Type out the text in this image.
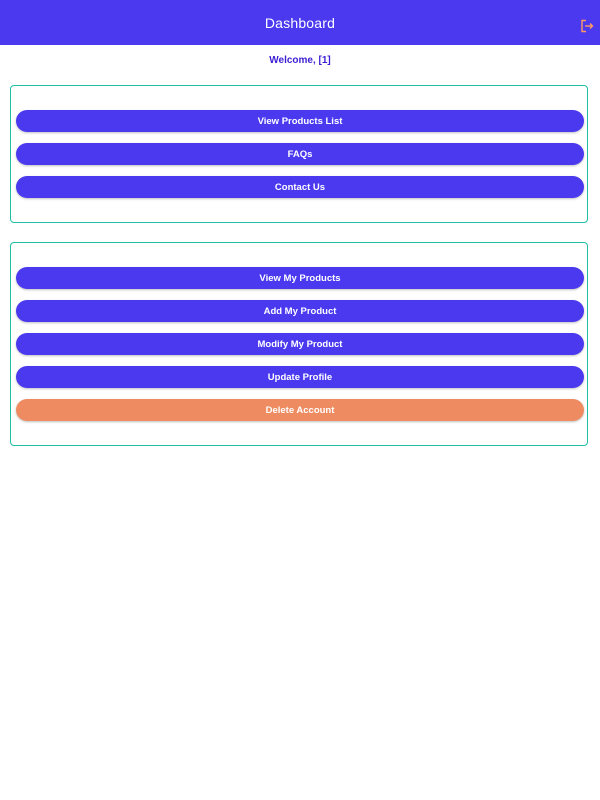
Dashboard
Welcome, [1]
View Products List
FAQs
Contact Us
View My Products
Add My Product
Modify My Product
Update Profile
Delete Account
